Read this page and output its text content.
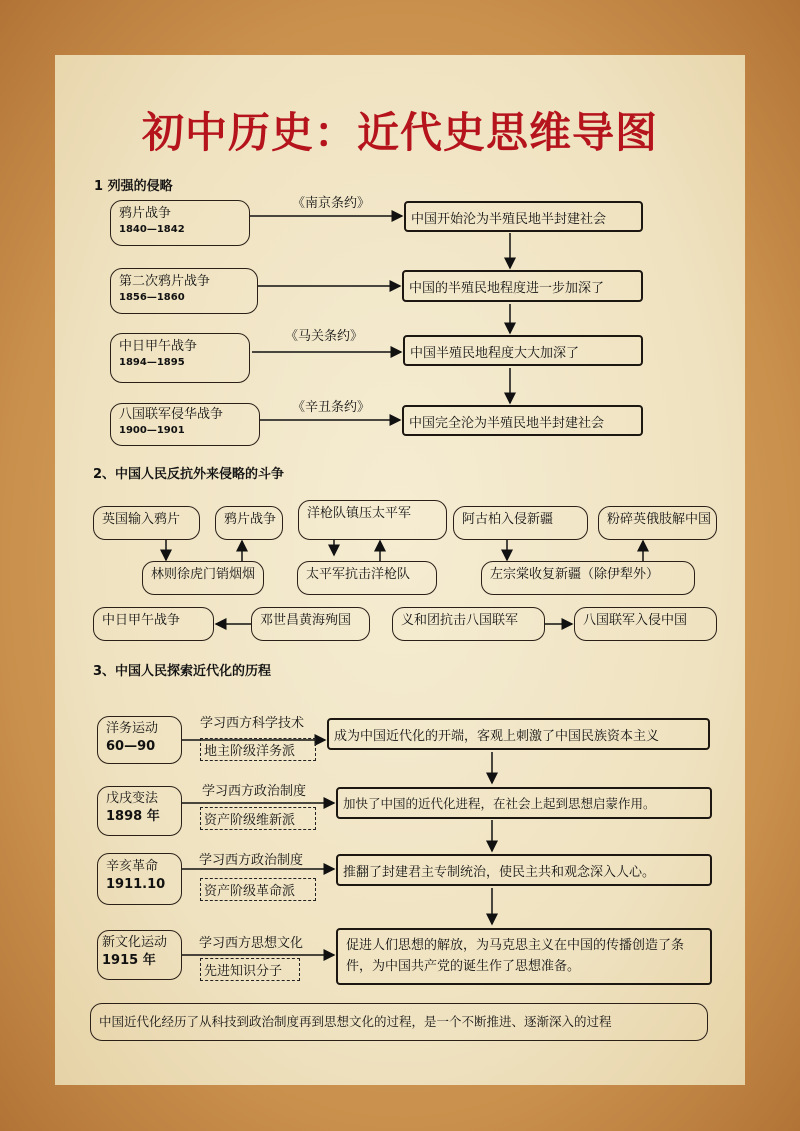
初中历史：近代史思维导图
1 列强的侵略
鸦片战争
1840—1842
第二次鸦片战争
1856—1860
中日甲午战争
1894—1895
八国联军侵华战争
1900—1901
《南京条约》
《马关条约》
《辛丑条约》
中国开始沦为半殖民地半封建社会
中国的半殖民地程度进一步加深了
中国半殖民地程度大大加深了
中国完全沦为半殖民地半封建社会
2、中国人民反抗外来侵略的斗争
英国输入鸦片	鸦片战争	洋枪队镇压太平军	阿古柏入侵新疆	粉碎英俄肢解中国
林则徐虎门销烟烟	太平军抗击洋枪队	左宗棠收复新疆（除伊犁外）
中日甲午战争	邓世昌黄海殉国	义和团抗击八国联军	八国联军入侵中国
3、中国人民探索近代化的历程
洋务运动
60—90
戊戌变法
1898 年
辛亥革命
1911.10
新文化运动
1915 年
学习西方科学技术
学习西方政治制度
学习西方政治制度
学习西方思想文化
地主阶级洋务派
资产阶级维新派
资产阶级革命派
先进知识分子
成为中国近代化的开端，客观上刺激了中国民族资本主义
加快了中国的近代化进程，在社会上起到思想启蒙作用。
推翻了封建君主专制统治，使民主共和观念深入人心。
促进人们思想的解放，为马克思主义在中国的传播创造了条件，为中国共产党的诞生作了思想准备。
中国近代化经历了从科技到政治制度再到思想文化的过程，是一个不断推进、逐渐深入的过程
